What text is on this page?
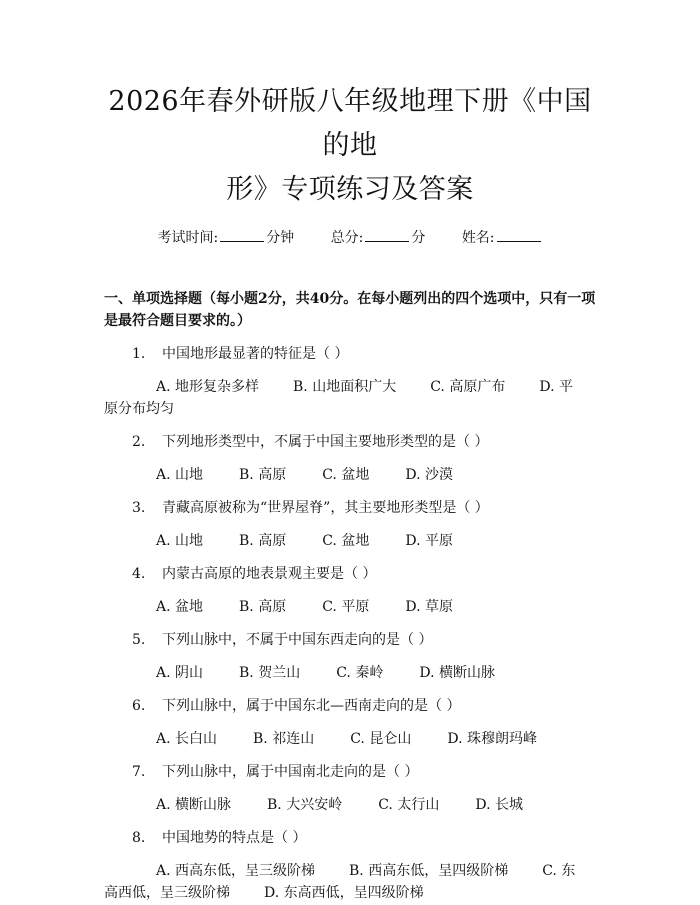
2026年春外研版八年级地理下册《中国的地
形》专项练习及答案
考试时间:	分钟	总分:	分	姓名:
一、单项选择题（每小题2分，共40分。在每小题列出的四个选项中，只有一项是最符合题目要求的。）
1.	中国地形最显著的特征是（ ）
A. 地形复杂多样 B. 山地面积广大 C. 高原广布 D. 平
原分布均匀
2.	下列地形类型中，不属于中国主要地形类型的是（ ）
A. 山地	B. 高原	C. 盆地	D. 沙漠
3.	青藏高原被称为“世界屋脊”，其主要地形类型是（ ）
A. 山地	B. 高原	C. 盆地	D. 平原
4.	内蒙古高原的地表景观主要是（ ）
A. 盆地	B. 高原	C. 平原	D. 草原
5.	下列山脉中，不属于中国东西走向的是（ ）
A. 阴山	B. 贺兰山	C. 秦岭	D. 横断山脉
6.	下列山脉中，属于中国东北—西南走向的是（ ）
A. 长白山	B. 祁连山	C. 昆仑山	D. 珠穆朗玛峰
7.	下列山脉中，属于中国南北走向的是（ ）
A. 横断山脉	B. 大兴安岭	C. 太行山	D. 长城
8.	中国地势的特点是（ ）
A. 西高东低，呈三级阶梯 B. 西高东低，呈四级阶梯 C. 东
高西低，呈三级阶梯 D. 东高西低，呈四级阶梯
